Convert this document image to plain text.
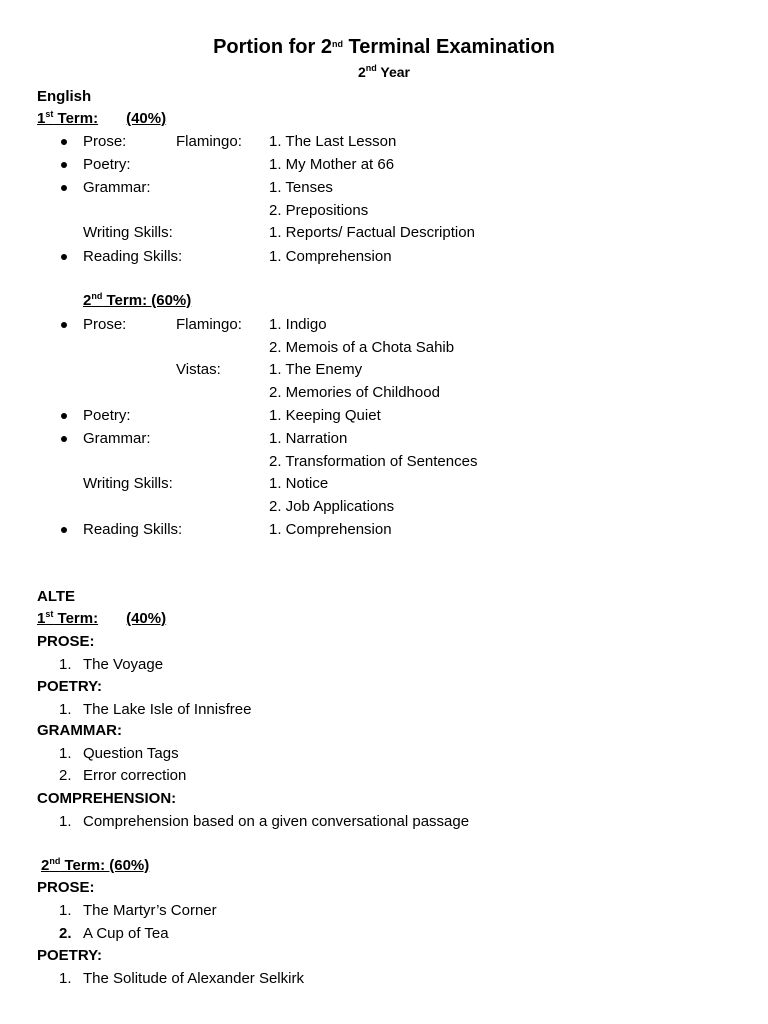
Portion for 2nd Terminal Examination
2nd Year
English
1st Term: (40%)
Prose:	Flamingo: 1. The Last Lesson
Poetry:	1. My Mother at 66
Grammar:	1. Tenses
2. Prepositions
Writing Skills:	1. Reports/ Factual Description
Reading Skills:	1. Comprehension
2nd Term: (60%)
Prose:	Flamingo: 1. Indigo
2. Memois of a Chota Sahib
Vistas:	1. The Enemy
2. Memories of Childhood
Poetry:	1. Keeping Quiet
Grammar:	1. Narration
2. Transformation of Sentences
Writing Skills:	1. Notice
2. Job Applications
Reading Skills:	1. Comprehension
ALTE
1st Term: (40%)
PROSE:
1. The Voyage
POETRY:
1. The Lake Isle of Innisfree
GRAMMAR:
1. Question Tags
2. Error correction
COMPREHENSION:
1. Comprehension based on a given conversational passage
2nd Term: (60%)
PROSE:
1. The Martyr’s Corner
2. A Cup of Tea
POETRY:
1. The Solitude of Alexander Selkirk
